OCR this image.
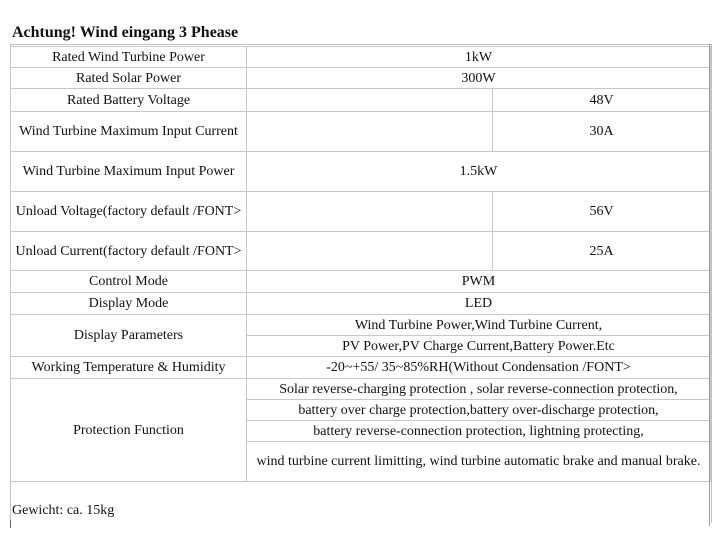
Achtung! Wind eingang 3 Phease
Rated Wind Turbine Power	1kW	
Rated Solar Power	300W	
Rated Battery Voltage		48V
Wind Turbine Maximum Input Current		30A
Wind Turbine Maximum Input Power	1.5kW	
Unload Voltage(factory default /FONT>		56V
Unload Current(factory default /FONT>		25A
Control Mode	PWM	
Display Mode	LED	
Display Parameters	Wind Turbine Power,Wind Turbine Current,	
	PV Power,PV Charge Current,Battery Power.Etc	
Working Temperature & Humidity	-20~+55/ 35~85%RH(Without Condensation /FONT>	
Protection Function	Solar reverse-charging protection , solar reverse-connection protection,	
	battery over charge protection,battery over-discharge protection,	
	battery reverse-connection protection, lightning protecting,	
	wind turbine current limitting, wind turbine automatic brake and manual brake.	
Gewicht: ca. 15kg
